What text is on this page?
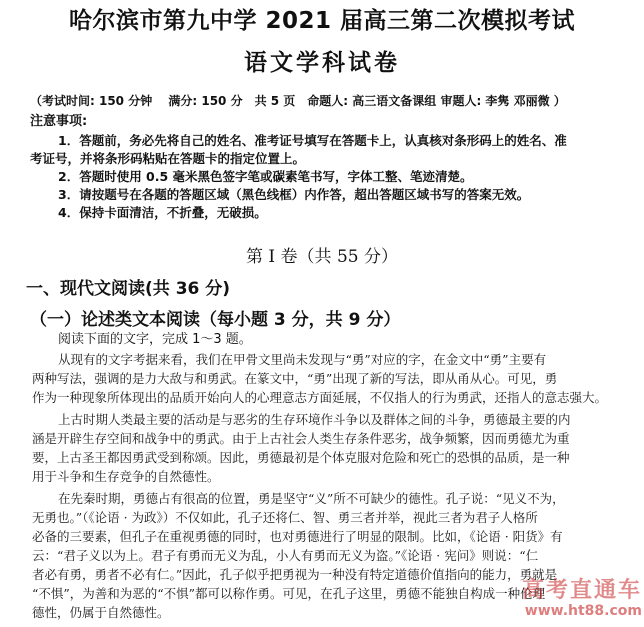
哈尔滨市第九中学 2021 届高三第二次模拟考试
语文学科试卷
（考试时间: 150 分钟　 满分: 150 分　共 5 页　命题人: 高三语文备课组 审题人: 李隽 邓丽微 ）
注意事项:
1．答题前，务必先将自己的姓名、准考证号填写在答题卡上，认真核对条形码上的姓名、准
考证号，并将条形码粘贴在答题卡的指定位置上。
2．答题时使用 0.5 毫米黑色签字笔或碳素笔书写，字体工整、笔迹清楚。
3．请按题号在各题的答题区域（黑色线框）内作答，超出答题区域书写的答案无效。
4．保持卡面清洁，不折叠，无破损。
第 I 卷（共 55 分）
一、现代文阅读(共 36 分)
（一）论述类文本阅读（每小题 3 分，共 9 分）
阅读下面的文字，完成 1～3 题。
从现有的文字考据来看，我们在甲骨文里尚未发现与“勇”对应的字，在金文中“勇”主要有
两种写法，强调的是力大敌与和勇武。在篆文中，“勇”出现了新的写法，即从甬从心。可见，勇
作为一种现象所体现出的品质开始向人的心理意志方面延展，不仅指人的行为勇武，还指人的意志强大。
上古时期人类最主要的活动是与恶劣的生存环境作斗争以及群体之间的斗争，勇德最主要的内
涵是开辟生存空间和战争中的勇武。由于上古社会人类生存条件恶劣，战争频繁，因而勇德尤为重
要，上古圣王都因勇武受到称颂。因此，勇德最初是个体克服对危险和死亡的恐惧的品质，是一种
用于斗争和生存竞争的自然德性。
在先秦时期，勇德占有很高的位置，勇是坚守“义”所不可缺少的德性。孔子说：“见义不为，
无勇也。”（《论语 · 为政》）不仅如此，孔子还将仁、智、勇三者并举，视此三者为君子人格所
必备的三要素，但孔子在重视勇德的同时，也对勇德进行了明显的限制。比如，《论语 · 阳货》有
云：“君子义以为上。君子有勇而无义为乱，小人有勇而无义为盗。”《论语 · 宪问》则说：“仁
者必有勇，勇者不必有仁。”因此，孔子似乎把勇视为一种没有特定道德价值指向的能力，勇就是
“不惧”，为善和为恶的“不惧”都可以称作勇。可见，在孔子这里，勇德不能独自构成一种伦理
德性，仍属于自然德性。
高考直通车
www.ht88.com
